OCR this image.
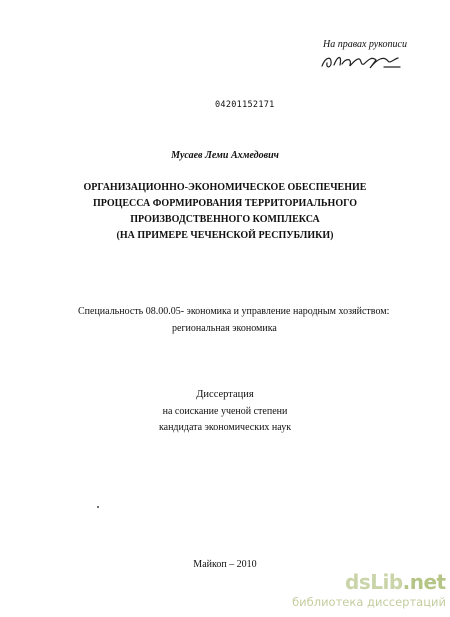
На правах рукописи
04201152171
Мусаев Леми Ахмедович
ОРГАНИЗАЦИОННО-ЭКОНОМИЧЕСКОЕ ОБЕСПЕЧЕНИЕ
ПРОЦЕССА ФОРМИРОВАНИЯ ТЕРРИТОРИАЛЬНОГО
ПРОИЗВОДСТВЕННОГО КОМПЛЕКСА
(НА ПРИМЕРЕ ЧЕЧЕНСКОЙ РЕСПУБЛИКИ)
Специальность 08.00.05- экономика и управление народным хозяйством:
региональная экономика
Диссертация
на соискание ученой степени
кандидата экономических наук
Майкоп – 2010
dsLib.net
библиотека диссертаций
